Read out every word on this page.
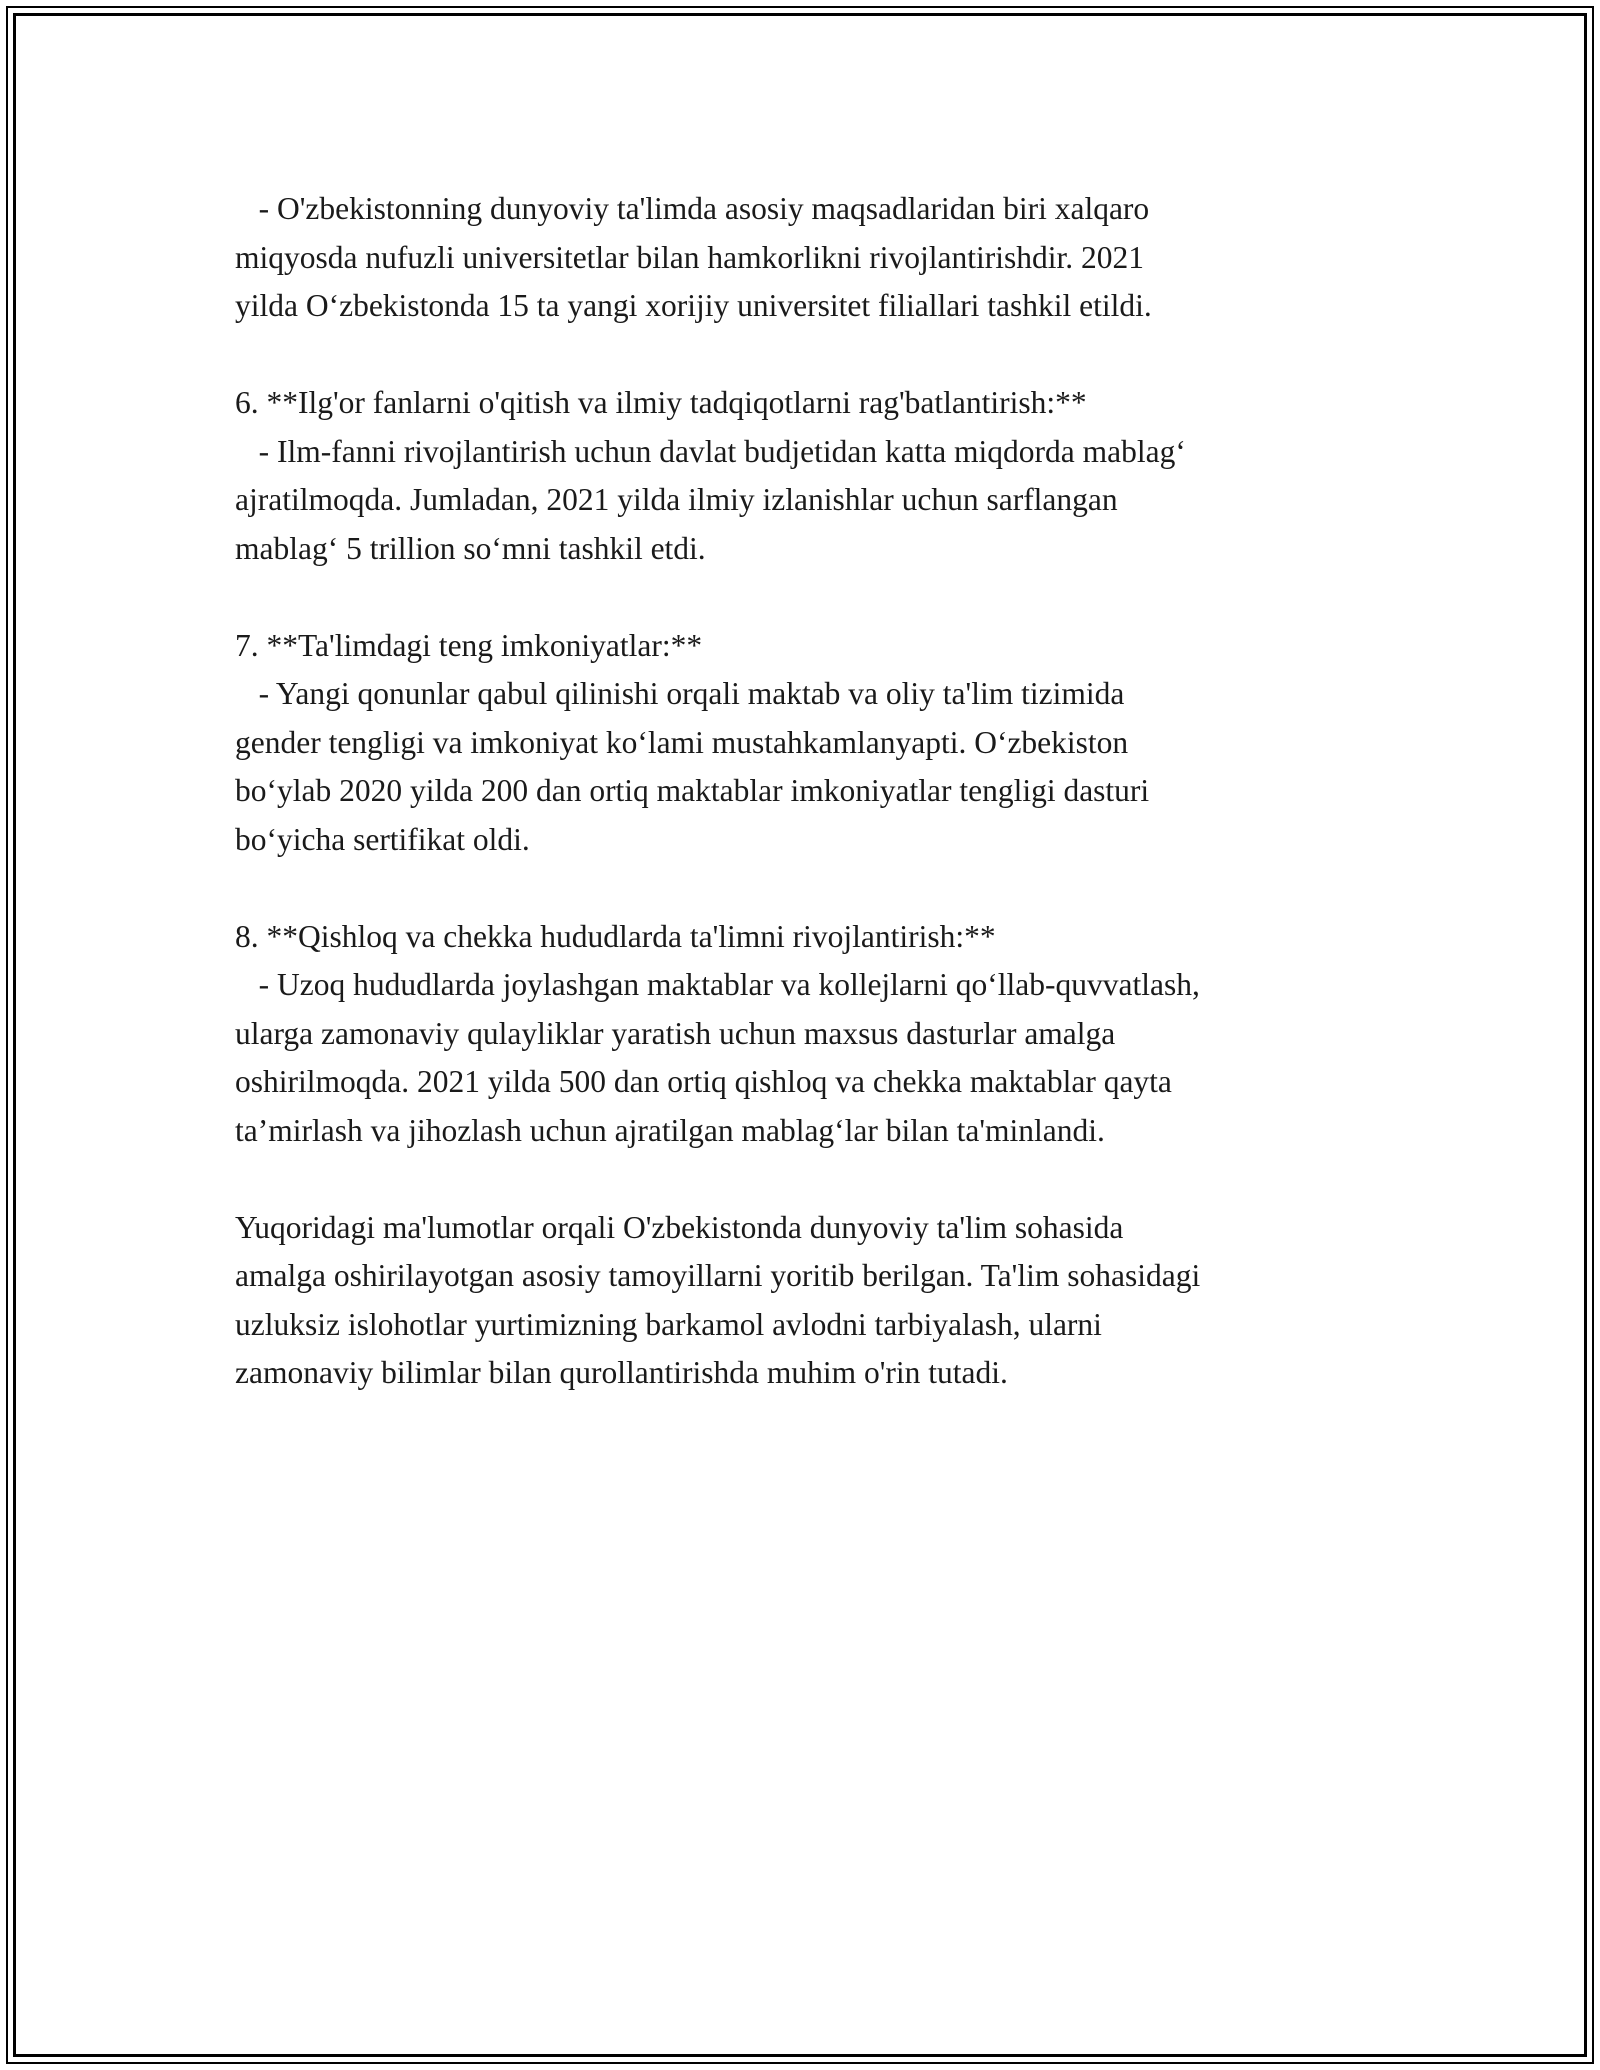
- O'zbekistonning dunyoviy ta'limda asosiy maqsadlaridan biri xalqaro
miqyosda nufuzli universitetlar bilan hamkorlikni rivojlantirishdir. 2021
yilda O‘zbekistonda 15 ta yangi xorijiy universitet filiallari tashkil etildi.
6. **Ilg'or fanlarni o'qitish va ilmiy tadqiqotlarni rag'batlantirish:**
- Ilm-fanni rivojlantirish uchun davlat budjetidan katta miqdorda mablag‘
ajratilmoqda. Jumladan, 2021 yilda ilmiy izlanishlar uchun sarflangan
mablag‘ 5 trillion so‘mni tashkil etdi.
7. **Ta'limdagi teng imkoniyatlar:**
- Yangi qonunlar qabul qilinishi orqali maktab va oliy ta'lim tizimida
gender tengligi va imkoniyat ko‘lami mustahkamlanyapti. O‘zbekiston
bo‘ylab 2020 yilda 200 dan ortiq maktablar imkoniyatlar tengligi dasturi
bo‘yicha sertifikat oldi.
8. **Qishloq va chekka hududlarda ta'limni rivojlantirish:**
- Uzoq hududlarda joylashgan maktablar va kollejlarni qo‘llab-quvvatlash,
ularga zamonaviy qulayliklar yaratish uchun maxsus dasturlar amalga
oshirilmoqda. 2021 yilda 500 dan ortiq qishloq va chekka maktablar qayta
ta’mirlash va jihozlash uchun ajratilgan mablag‘lar bilan ta'minlandi.
Yuqoridagi ma'lumotlar orqali O'zbekistonda dunyoviy ta'lim sohasida
amalga oshirilayotgan asosiy tamoyillarni yoritib berilgan. Ta'lim sohasidagi
uzluksiz islohotlar yurtimizning barkamol avlodni tarbiyalash, ularni
zamonaviy bilimlar bilan qurollantirishda muhim o'rin tutadi.
